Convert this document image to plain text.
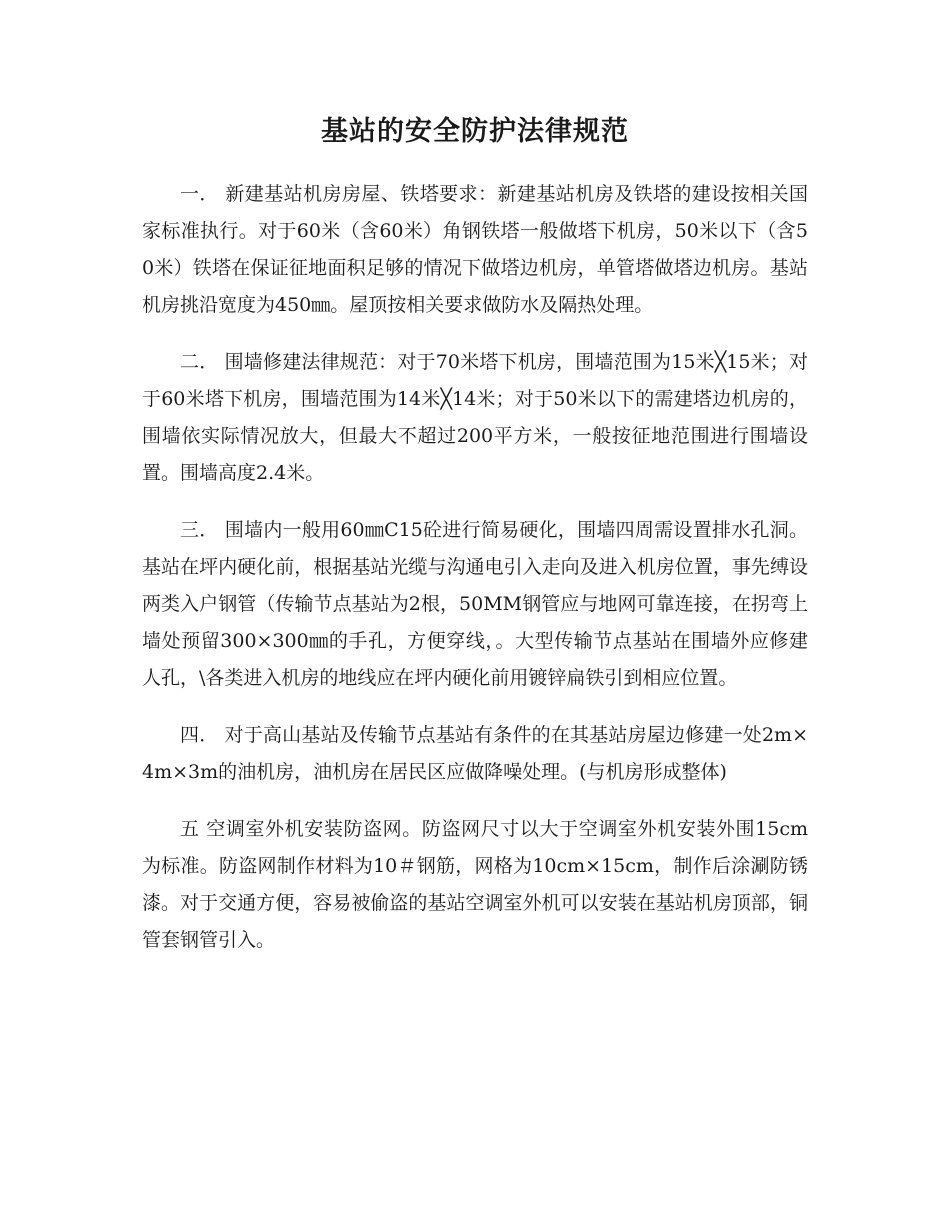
基站的安全防护法律规范

一． 新建基站机房房屋、铁塔要求：新建基站机房及铁塔的建设按相关国家标准执行。对于60米（含60米）角钢铁塔一般做塔下机房，50米以下（含50米）铁塔在保证征地面积足够的情况下做塔边机房，单管塔做塔边机房。基站机房挑沿宽度为450㎜。屋顶按相关要求做防水及隔热处理。

二． 围墙修建法律规范：对于70米塔下机房，围墙范围为15米╳15米；对于60米塔下机房，围墙范围为14米╳14米；对于50米以下的需建塔边机房的，围墙依实际情况放大，但最大不超过200平方米，一般按征地范围进行围墙设置。围墙高度2.4米。

三． 围墙内一般用60㎜C15砼进行简易硬化，围墙四周需设置排水孔洞。基站在坪内硬化前，根据基站光缆与沟通电引入走向及进入机房位置，事先缚设两类入户钢管（传输节点基站为2根，50MM钢管应与地网可靠连接，在拐弯上墙处预留300×300㎜的手孔，方便穿线，。大型传输节点基站在围墙外应修建人孔，\各类进入机房的地线应在坪内硬化前用镀锌扁铁引到相应位置。

四． 对于高山基站及传输节点基站有条件的在其基站房屋边修建一处2m×4m×3m的油机房，油机房在居民区应做降噪处理。(与机房形成整体)

五 空调室外机安装防盗网。防盗网尺寸以大于空调室外机安装外围15cm为标准。防盗网制作材料为10＃钢筋，网格为10cm×15cm，制作后涂涮防锈漆。对于交通方便，容易被偷盗的基站空调室外机可以安装在基站机房顶部，铜管套钢管引入。
